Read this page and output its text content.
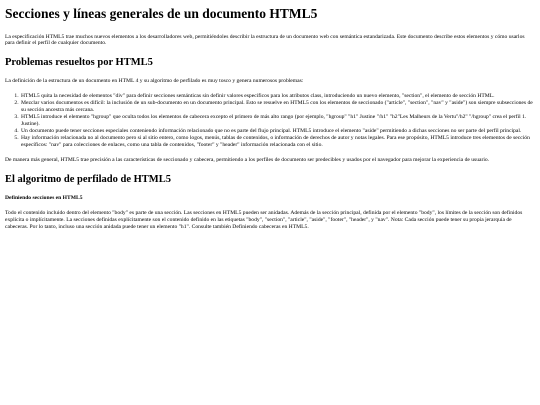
Secciones y líneas generales de un documento HTML5

La especificación HTML5 trae muchos nuevos elementos a los desarrolladores web, permitiéndoles describir la estructura de un documento web con semántica estandarizada. Este documento describe estos elementos y cómo usarlos para definir el perfil de cualquier documento.

Problemas resueltos por HTML5

La definición de la estructura de un documento en HTML 4 y su algoritmo de perfilado es muy tosco y genera numerosos problemas:

1. HTML5 quita la necesidad de elementos "div" para definir secciones semánticas sin definir valores específicos para los atributos class, introduciendo un nuevo elemento, "section", el elemento de sección HTML.
2. Mezclar varios documentos es difícil: la inclusión de un sub-documento en un documento principal. Esto se resuelve en HTML5 con los elementos de seccionado ("article", "section", "nav" y "aside") son siempre subsecciones de su sección ancestra más cercana.
3. HTML5 introduce el elemento "hgroup" que oculta todos los elementos de cabecera excepto el primero de más alto rango (por ejemplo, "hgroup" "h1" Justine "/h1" "h2"Les Malheurs de la Vertu"/h2" "/hgroup" crea el perfil 1. Justine).
4. Un documento puede tener secciones especiales conteniendo información relacionado que no es parte del flujo principal. HTML5 introduce el elemento "aside" permitiendo a dichas secciones no ser parte del perfil principal.
5. Hay información relacionada no al documento pero si al sitio entero, como logos, menús, tablas de contenidos, o información de derechos de autor y notas legales. Para ese propósito, HTML5 introduce tres elementos de sección específicos: "nav" para colecciones de enlaces, como una tabla de contenidos, "footer" y "header" información relacionada con el sitio.

De manera más general, HTML5 trae precisión a las características de seccionado y cabecera, permitiendo a los perfiles de documento ser predecibles y usados por el navegador para mejorar la experiencia de usuario.

El algoritmo de perfilado de HTML5
Definiendo secciones en HTML5

Todo el contenido incluido dentro del elemento "body" es parte de una sección. Las secciones en HTML5 pueden ser anidadas. Además de la sección principal, definida por el elemento "body", los límites de la sección son definidos explícita o implícitamente. La secciones definidas explícitamente son el contenido definido en las etiquetas "body", "section", "article", "aside", "footer", "header", y "nav". Nota: Cada sección puede tener su propia jerarquía de cabeceras. Por lo tanto, incluso una sección anidada puede tener un elemento "h1". Consulte también Definiendo cabeceras en HTML5.
